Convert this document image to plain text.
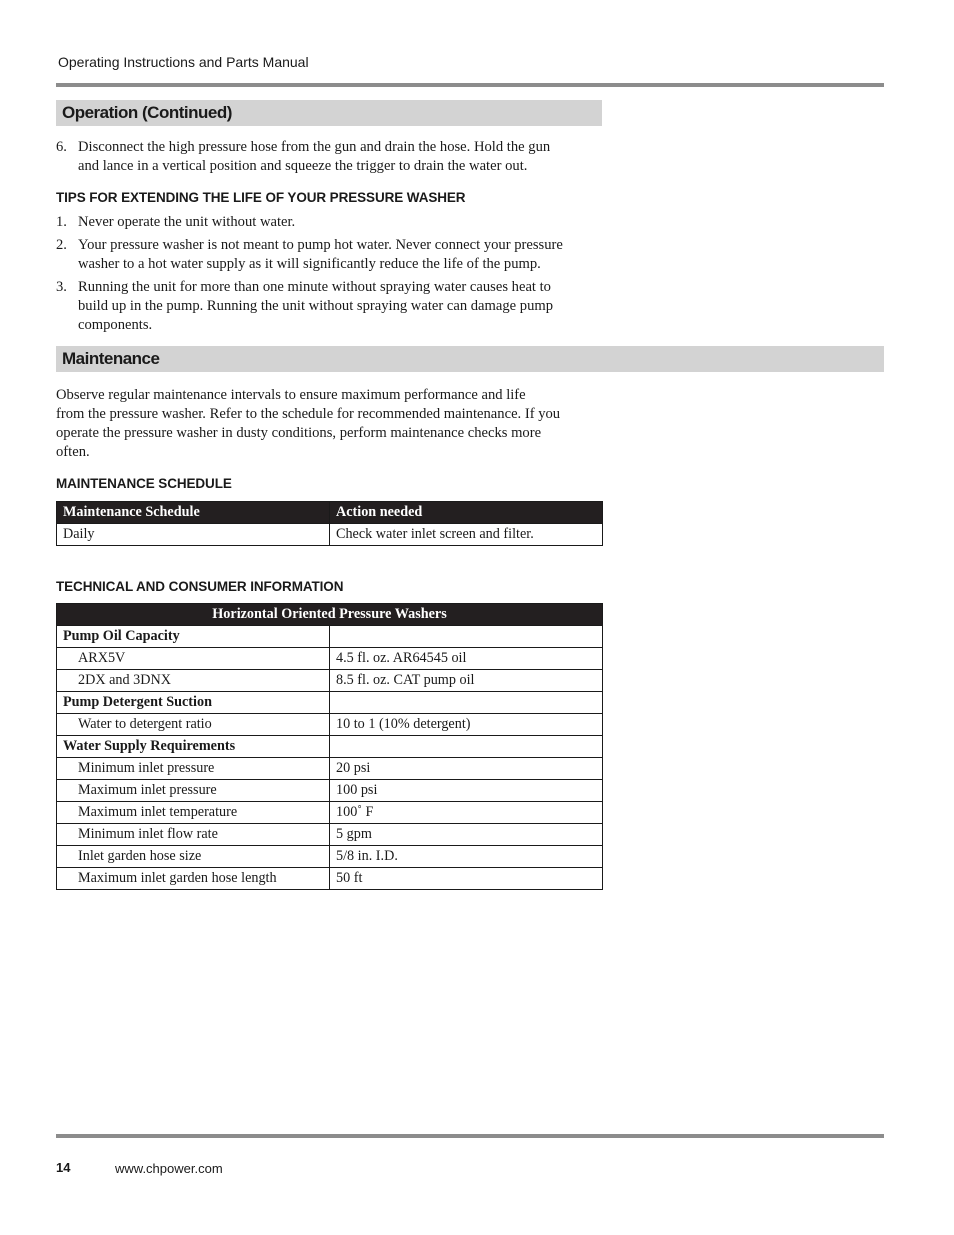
Operating Instructions and Parts Manual
Operation (Continued)
6. Disconnect the high pressure hose from the gun and drain the hose. Hold the gun
and lance in a vertical position and squeeze the trigger to drain the water out.
TIPS FOR EXTENDING THE LIFE OF YOUR PRESSURE WASHER
1. Never operate the unit without water.
2. Your pressure washer is not meant to pump hot water. Never connect your pressure
washer to a hot water supply as it will significantly reduce the life of the pump.
3. Running the unit for more than one minute without spraying water causes heat to
build up in the pump. Running the unit without spraying water can damage pump
components.
Maintenance
Observe regular maintenance intervals to ensure maximum performance and life
from the pressure washer. Refer to the schedule for recommended maintenance. If you
operate the pressure washer in dusty conditions, perform maintenance checks more
often.
MAINTENANCE SCHEDULE
Maintenance Schedule	Action needed
Daily	Check water inlet screen and filter.
TECHNICAL AND CONSUMER INFORMATION
Horizontal Oriented Pressure Washers	
Pump Oil Capacity	
ARX5V	4.5 fl. oz. AR64545 oil
2DX and 3DNX	8.5 fl. oz. CAT pump oil
Pump Detergent Suction	
Water to detergent ratio	10 to 1 (10% detergent)
Water Supply Requirements	
Minimum inlet pressure	20 psi
Maximum inlet pressure	100 psi
Maximum inlet temperature	100˚ F
Minimum inlet flow rate	5 gpm
Inlet garden hose size	5/8 in. I.D.
Maximum inlet garden hose length	50 ft
14	www.chpower.com
